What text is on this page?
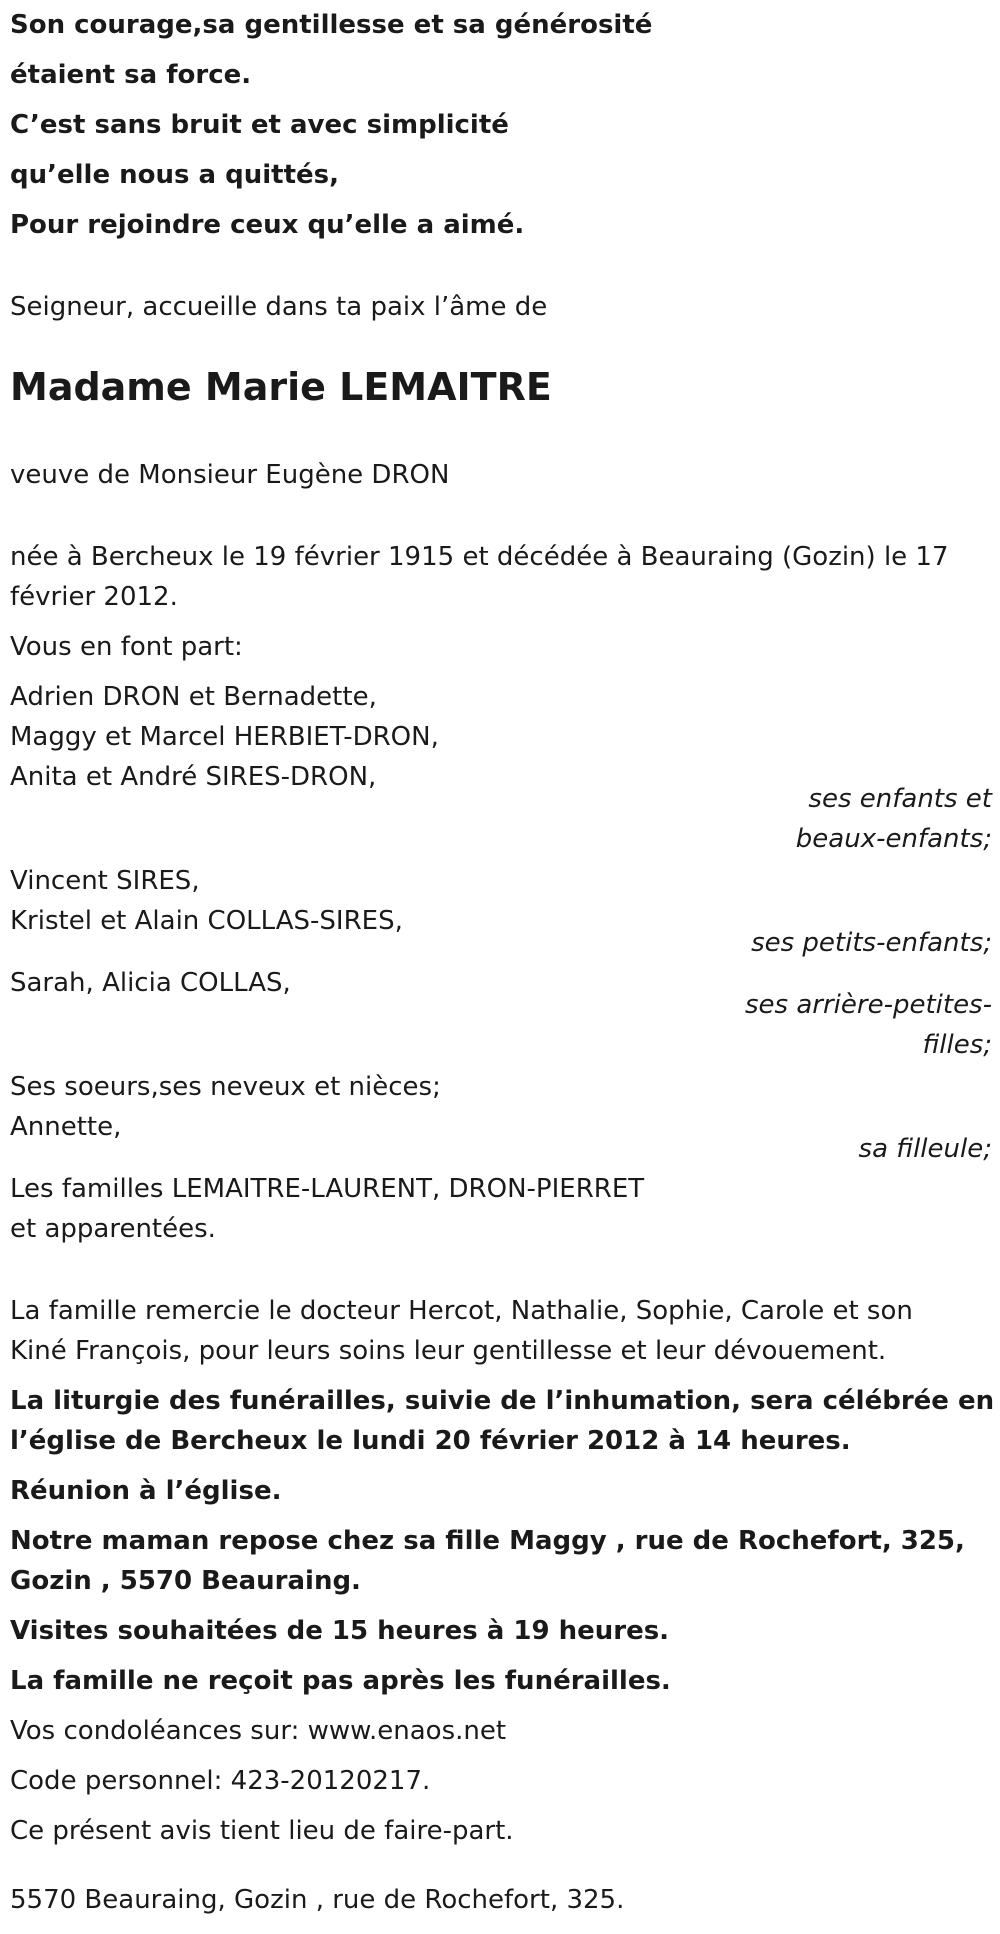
Son courage,sa gentillesse et sa générosité
étaient sa force.
C’est sans bruit et avec simplicité
qu’elle nous a quittés,
Pour rejoindre ceux qu’elle a aimé.
Seigneur, accueille dans ta paix l’âme de
Madame Marie LEMAITRE
veuve de Monsieur Eugène DRON
née à Bercheux le 19 février 1915 et décédée à Beauraing (Gozin) le 17
février 2012.
Vous en font part:
Adrien DRON et Bernadette,
Maggy et Marcel HERBIET-DRON,
Anita et André SIRES-DRON,
ses enfants et
beaux-enfants;
Vincent SIRES,
Kristel et Alain COLLAS-SIRES,
ses petits-enfants;
Sarah, Alicia COLLAS,
ses arrière-petites-
filles;
Ses soeurs,ses neveux et nièces;
Annette,
sa filleule;
Les familles LEMAITRE-LAURENT, DRON-PIERRET
et apparentées.
La famille remercie le docteur Hercot, Nathalie, Sophie, Carole et son
Kiné François, pour leurs soins leur gentillesse et leur dévouement.
La liturgie des funérailles, suivie de l’inhumation, sera célébrée en
l’église de Bercheux le lundi 20 février 2012 à 14 heures.
Réunion à l’église.
Notre maman repose chez sa fille Maggy , rue de Rochefort, 325,
Gozin , 5570 Beauraing.
Visites souhaitées de 15 heures à 19 heures.
La famille ne reçoit pas après les funérailles.
Vos condoléances sur: www.enaos.net
Code personnel: 423-20120217.
Ce présent avis tient lieu de faire-part.
5570 Beauraing, Gozin , rue de Rochefort, 325.
